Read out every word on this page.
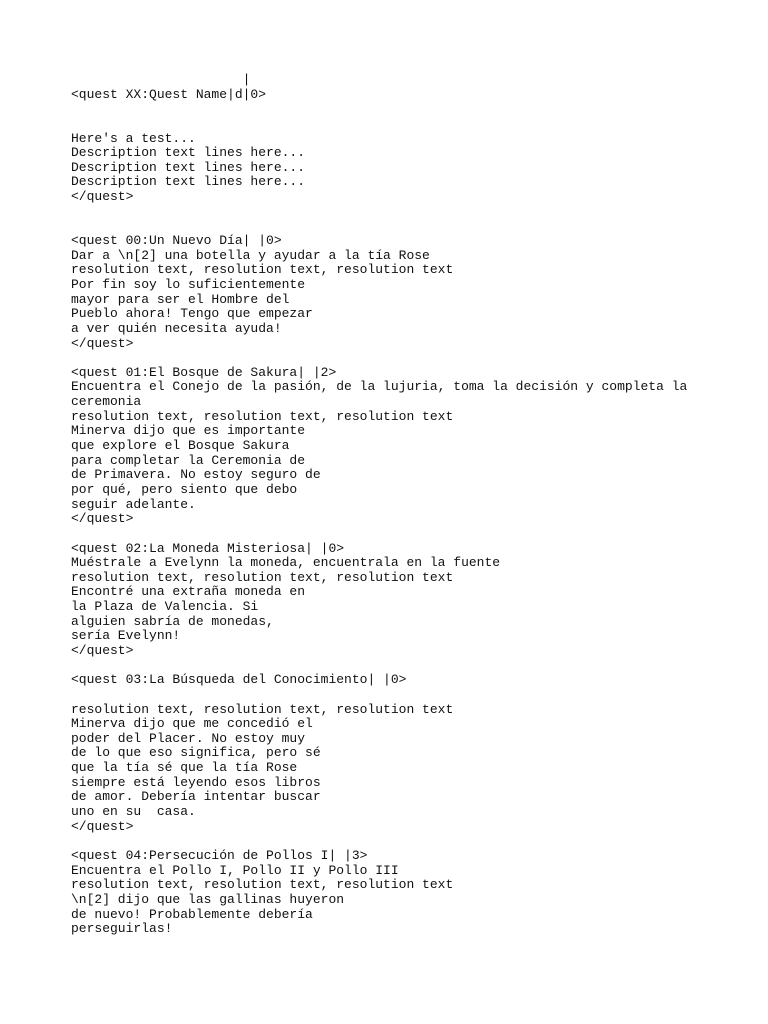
|
<quest XX:Quest Name|d|0>
Here's a test...
Description text lines here...
Description text lines here...
Description text lines here...
</quest>
<quest 00:Un Nuevo Día| |0>
Dar a \n[2] una botella y ayudar a la tía Rose
resolution text, resolution text, resolution text
Por fin soy lo suficientemente
mayor para ser el Hombre del
Pueblo ahora! Tengo que empezar
a ver quién necesita ayuda!
</quest>
<quest 01:El Bosque de Sakura| |2>
Encuentra el Conejo de la pasión, de la lujuria, toma la decisión y completa la
ceremonia
resolution text, resolution text, resolution text
Minerva dijo que es importante
que explore el Bosque Sakura
para completar la Ceremonia de
de Primavera. No estoy seguro de
por qué, pero siento que debo
seguir adelante.
</quest>
<quest 02:La Moneda Misteriosa| |0>
Muéstrale a Evelynn la moneda, encuentrala en la fuente
resolution text, resolution text, resolution text
Encontré una extraña moneda en
la Plaza de Valencia. Si
alguien sabría de monedas,
sería Evelynn!
</quest>
<quest 03:La Búsqueda del Conocimiento| |0>
resolution text, resolution text, resolution text
Minerva dijo que me concedió el
poder del Placer. No estoy muy
de lo que eso significa, pero sé
que la tía sé que la tía Rose
siempre está leyendo esos libros
de amor. Debería intentar buscar
uno en su  casa.
</quest>
<quest 04:Persecución de Pollos I| |3>
Encuentra el Pollo I, Pollo II y Pollo III
resolution text, resolution text, resolution text
\n[2] dijo que las gallinas huyeron
de nuevo! Probablemente debería
perseguirlas!
